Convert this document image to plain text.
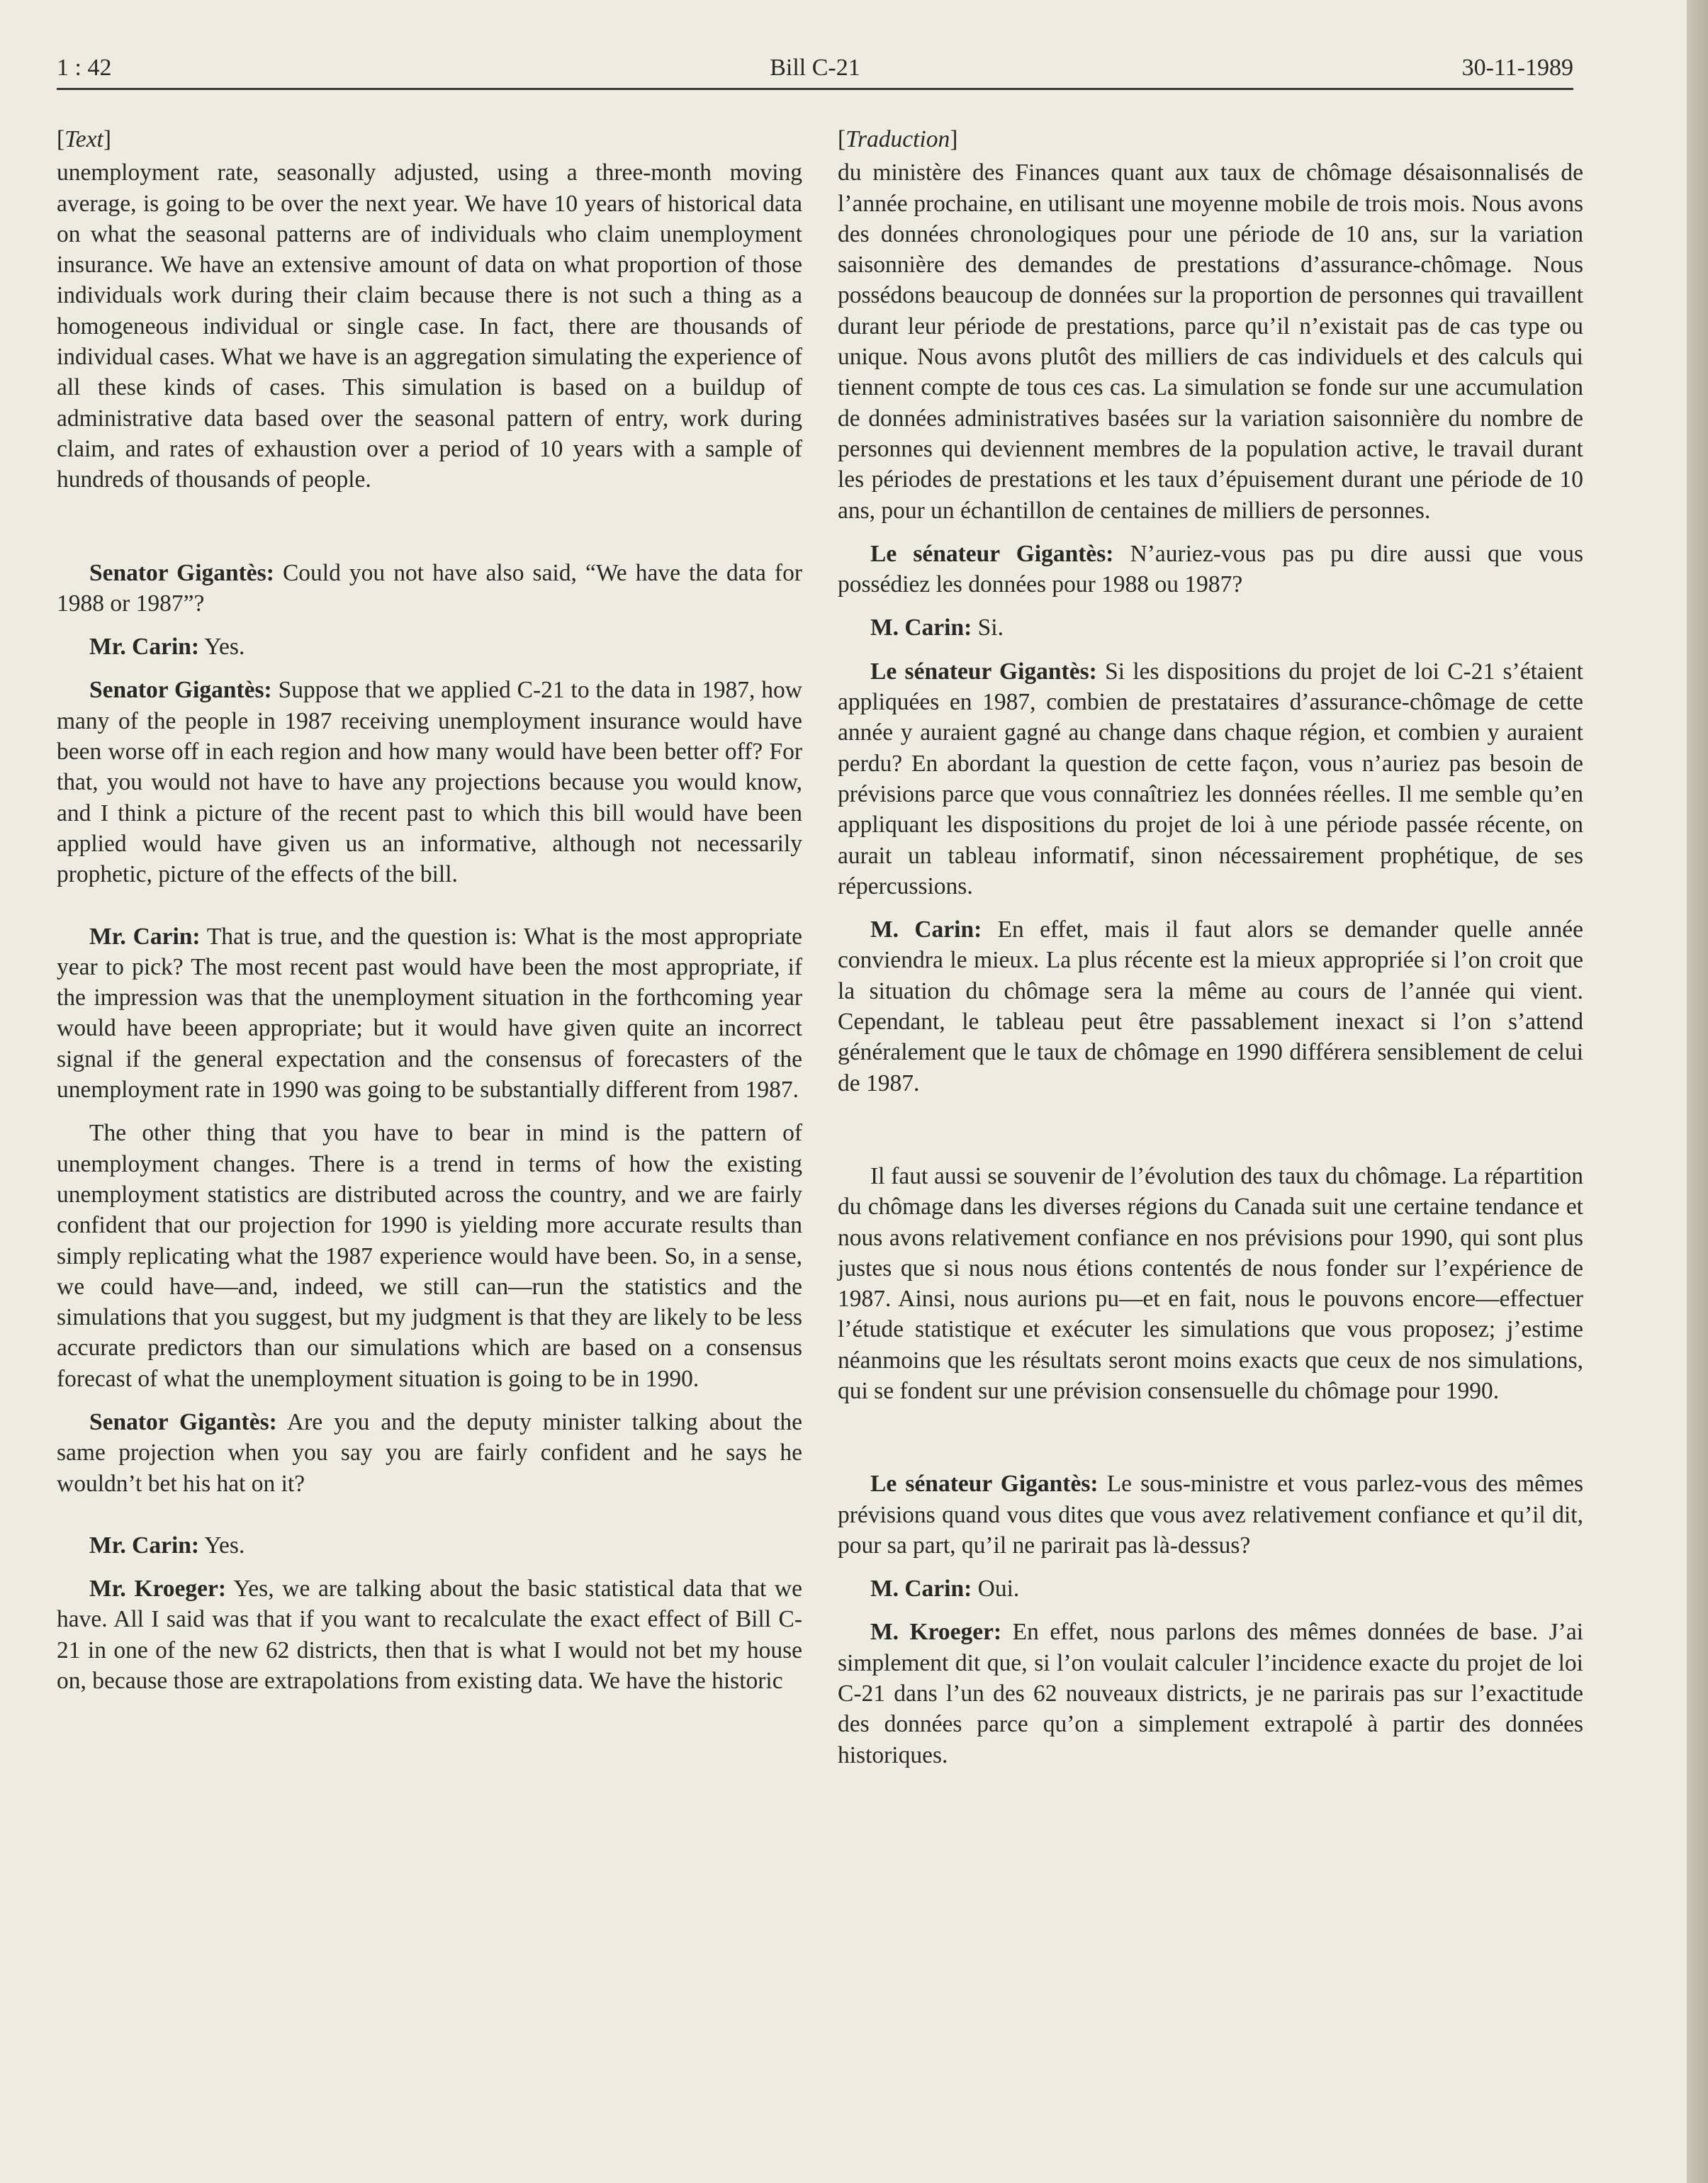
1 : 42	Bill C-21	30-11-1989
[Text]

unemployment rate, seasonally adjusted, using a three-month moving average, is going to be over the next year. We have 10 years of historical data on what the seasonal patterns are of individuals who claim unemployment insurance. We have an extensive amount of data on what proportion of those individuals work during their claim because there is not such a thing as a homogeneous individual or single case. In fact, there are thousands of individual cases. What we have is an aggregation simulating the experience of all these kinds of cases. This simulation is based on a buildup of administrative data based over the seasonal pattern of entry, work during claim, and rates of exhaustion over a period of 10 years with a sample of hundreds of thousands of people.

Senator Gigantès: Could you not have also said, “We have the data for 1988 or 1987”?

Mr. Carin: Yes.

Senator Gigantès: Suppose that we applied C-21 to the data in 1987, how many of the people in 1987 receiving unemployment insurance would have been worse off in each region and how many would have been better off? For that, you would not have to have any projections because you would know, and I think a picture of the recent past to which this bill would have been applied would have given us an informative, although not necessarily prophetic, picture of the effects of the bill.

Mr. Carin: That is true, and the question is: What is the most appropriate year to pick? The most recent past would have been the most appropriate, if the impression was that the unemployment situation in the forthcoming year would have beeen appropriate; but it would have given quite an incorrect signal if the general expectation and the consensus of forecasters of the unemployment rate in 1990 was going to be substantially different from 1987.

The other thing that you have to bear in mind is the pattern of unemployment changes. There is a trend in terms of how the existing unemployment statistics are distributed across the country, and we are fairly confident that our projection for 1990 is yielding more accurate results than simply replicating what the 1987 experience would have been. So, in a sense, we could have—and, indeed, we still can—run the statistics and the simulations that you suggest, but my judgment is that they are likely to be less accurate predictors than our simulations which are based on a consensus forecast of what the unemployment situation is going to be in 1990.

Senator Gigantès: Are you and the deputy minister talking about the same projection when you say you are fairly confident and he says he wouldn’t bet his hat on it?

Mr. Carin: Yes.

Mr. Kroeger: Yes, we are talking about the basic statistical data that we have. All I said was that if you want to recalculate the exact effect of Bill C-21 in one of the new 62 districts, then that is what I would not bet my house on, because those are extrapolations from existing data. We have the historic

[Traduction]

du ministère des Finances quant aux taux de chômage désaisonnalisés de l’année prochaine, en utilisant une moyenne mobile de trois mois. Nous avons des données chronologiques pour une période de 10 ans, sur la variation saisonnière des demandes de prestations d’assurance-chômage. Nous possédons beaucoup de données sur la proportion de personnes qui travaillent durant leur période de prestations, parce qu’il n’existait pas de cas type ou unique. Nous avons plutôt des milliers de cas individuels et des calculs qui tiennent compte de tous ces cas. La simulation se fonde sur une accumulation de données administratives basées sur la variation saisonnière du nombre de personnes qui deviennent membres de la population active, le travail durant les périodes de prestations et les taux d’épuisement durant une période de 10 ans, pour un échantillon de centaines de milliers de personnes.

Le sénateur Gigantès: N’auriez-vous pas pu dire aussi que vous possédiez les données pour 1988 ou 1987?

M. Carin: Si.

Le sénateur Gigantès: Si les dispositions du projet de loi C-21 s’étaient appliquées en 1987, combien de prestataires d’assurance-chômage de cette année y auraient gagné au change dans chaque région, et combien y auraient perdu? En abordant la question de cette façon, vous n’auriez pas besoin de prévisions parce que vous connaîtriez les données réelles. Il me semble qu’en appliquant les dispositions du projet de loi à une période passée récente, on aurait un tableau informatif, sinon nécessairement prophétique, de ses répercussions.

M. Carin: En effet, mais il faut alors se demander quelle année conviendra le mieux. La plus récente est la mieux appropriée si l’on croit que la situation du chômage sera la même au cours de l’année qui vient. Cependant, le tableau peut être passablement inexact si l’on s’attend généralement que le taux de chômage en 1990 différera sensiblement de celui de 1987.

Il faut aussi se souvenir de l’évolution des taux du chômage. La répartition du chômage dans les diverses régions du Canada suit une certaine tendance et nous avons relativement confiance en nos prévisions pour 1990, qui sont plus justes que si nous nous étions contentés de nous fonder sur l’expérience de 1987. Ainsi, nous aurions pu—et en fait, nous le pouvons encore—effectuer l’étude statistique et exécuter les simulations que vous proposez; j’estime néanmoins que les résultats seront moins exacts que ceux de nos simulations, qui se fondent sur une prévision consensuelle du chômage pour 1990.

Le sénateur Gigantès: Le sous-ministre et vous parlez-vous des mêmes prévisions quand vous dites que vous avez relativement confiance et qu’il dit, pour sa part, qu’il ne parirait pas là-dessus?

M. Carin: Oui.

M. Kroeger: En effet, nous parlons des mêmes données de base. J’ai simplement dit que, si l’on voulait calculer l’incidence exacte du projet de loi C-21 dans l’un des 62 nouveaux districts, je ne parirais pas sur l’exactitude des données parce qu’on a simplement extrapolé à partir des données historiques.
